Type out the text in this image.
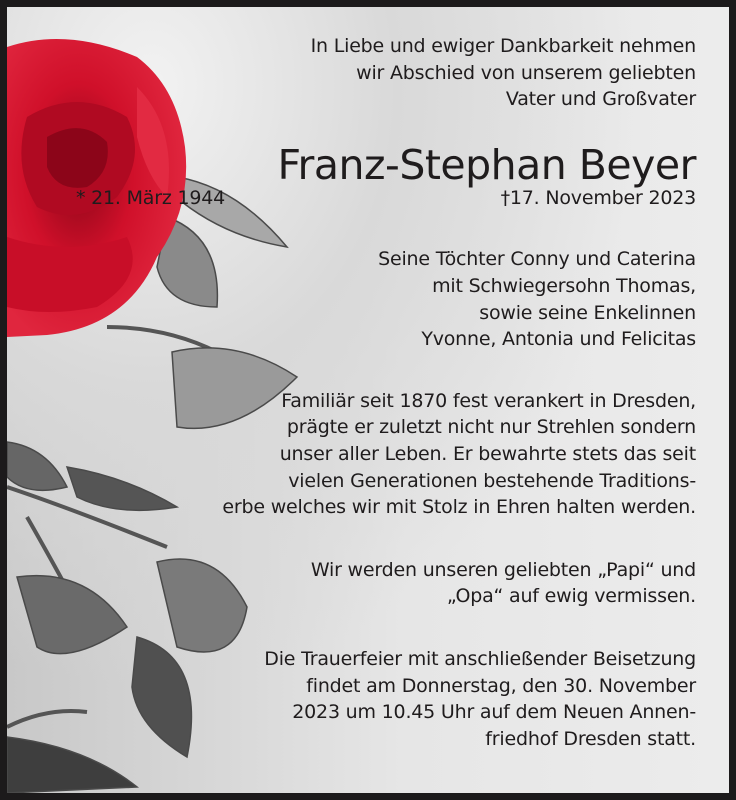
In Liebe und ewiger Dankbarkeit nehmen

wir Abschied von unserem geliebten

Vater und Großvater

Franz-Stephan Beyer

* 21. März 1944	†17. November 2023

Seine Töchter Conny und Caterina

mit Schwiegersohn Thomas,

sowie seine Enkelinnen

Yvonne, Antonia und Felicitas

Familiär seit 1870 fest verankert in Dresden,

prägte er zuletzt nicht nur Strehlen sondern

unser aller Leben. Er bewahrte stets das seit

vielen Generationen bestehende Traditions-

erbe welches wir mit Stolz in Ehren halten werden.

Wir werden unseren geliebten „Papi“ und

„Opa“ auf ewig vermissen.

Die Trauerfeier mit anschließender Beisetzung

findet am Donnerstag, den 30. November

2023 um 10.45 Uhr auf dem Neuen Annen-

friedhof Dresden statt.
